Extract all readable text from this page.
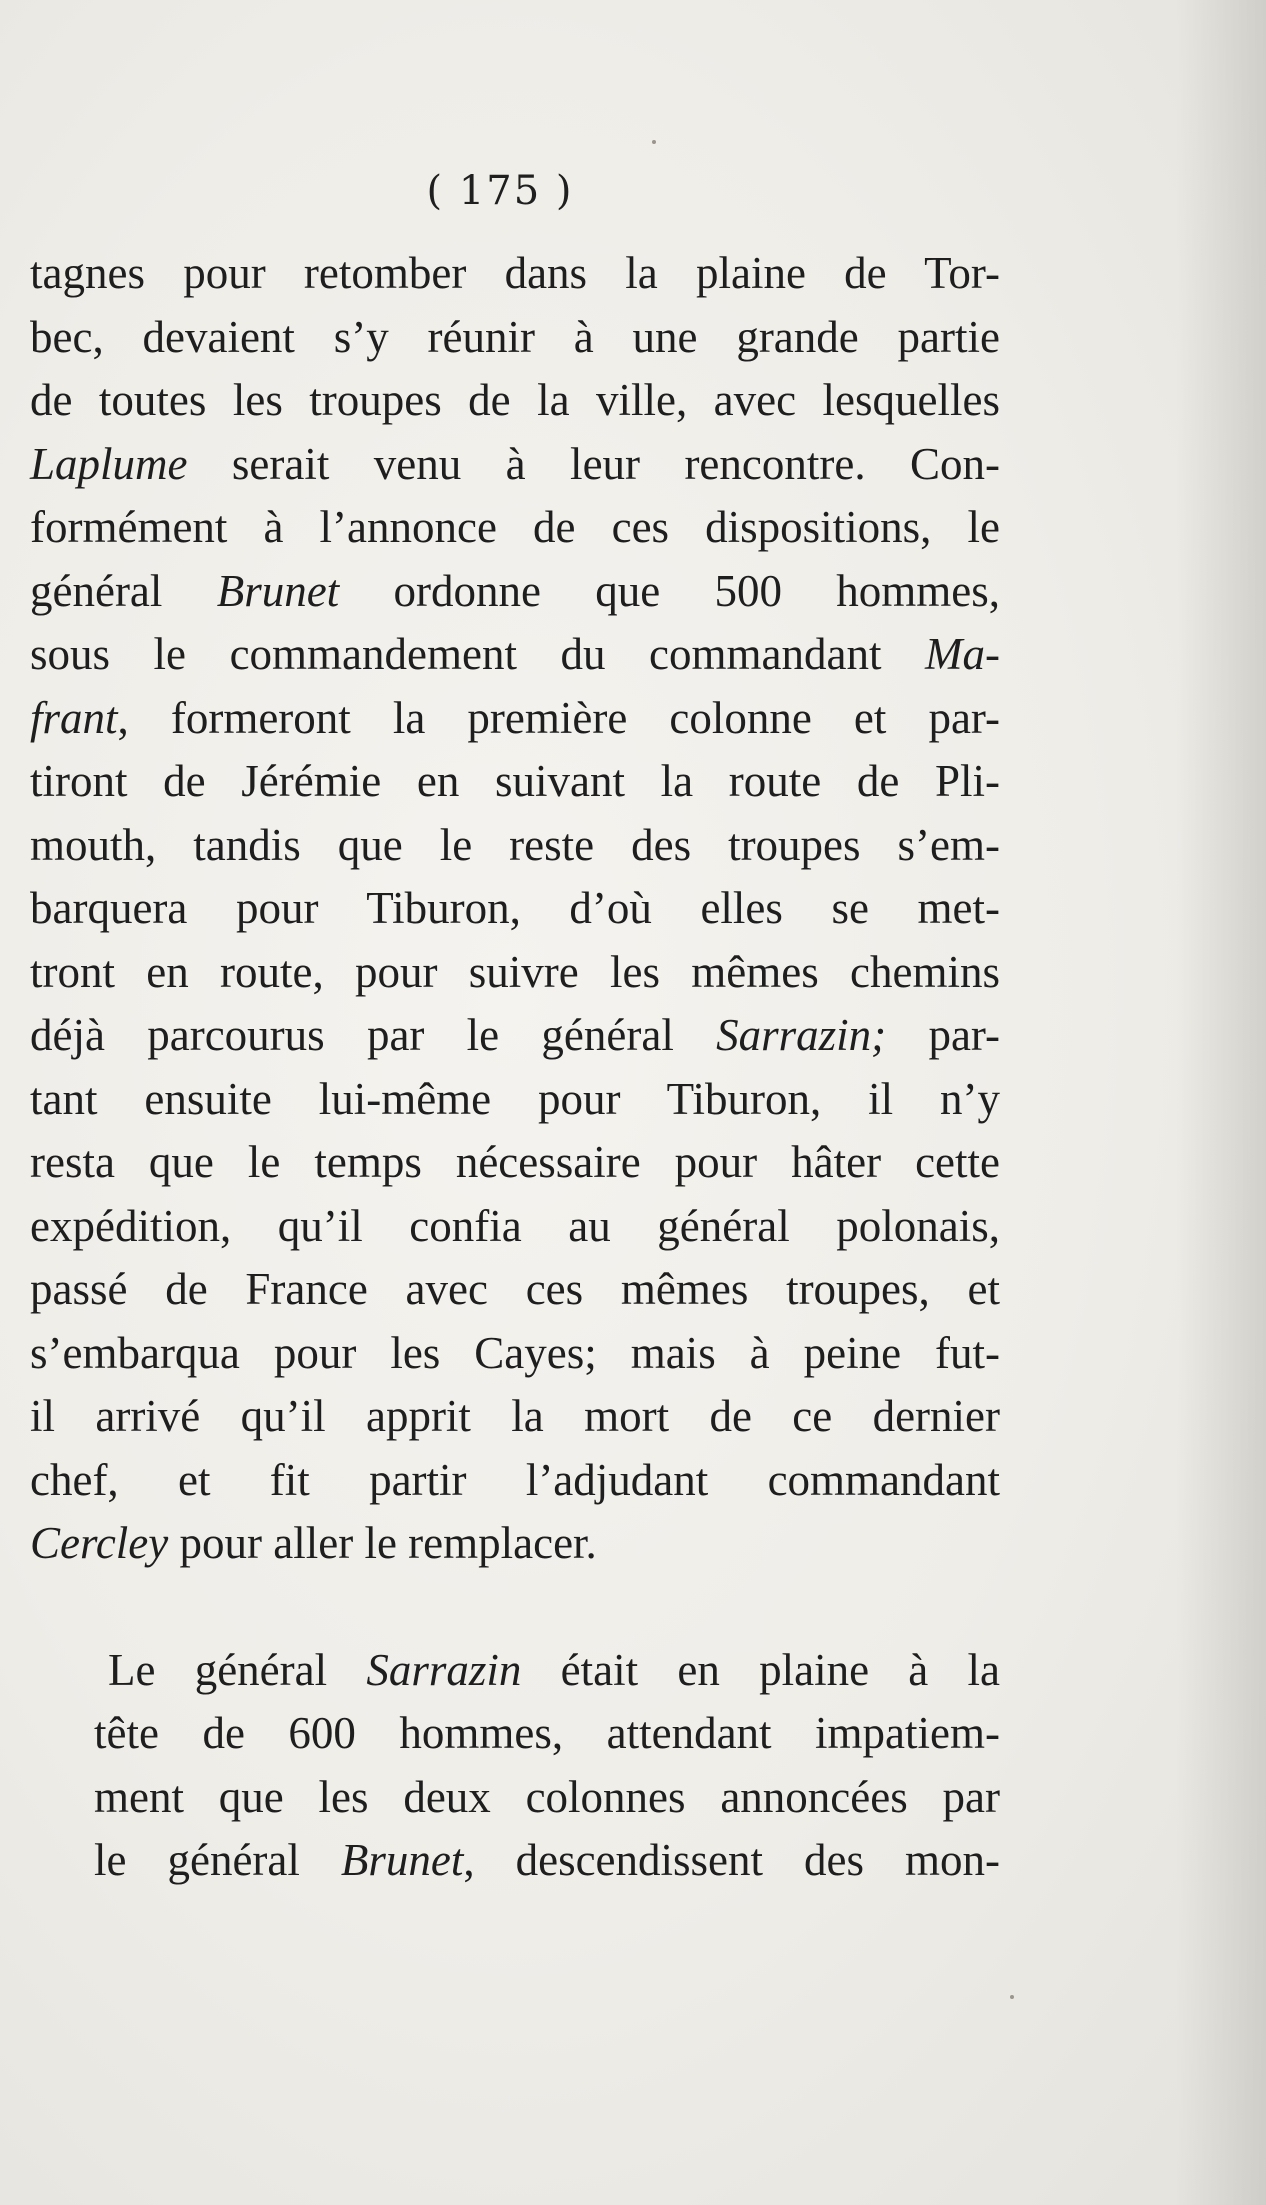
( 175 )
tagnes pour retomber dans la plaine de Tor-
bec, devaient s’y réunir à une grande partie
de toutes les troupes de la ville, avec lesquelles
Laplume serait venu à leur rencontre. Con-
formément à l’annonce de ces dispositions, le
général Brunet ordonne que 500 hommes,
sous le commandement du commandant Ma-
frant, formeront la première colonne et par-
tiront de Jérémie en suivant la route de Pli-
mouth, tandis que le reste des troupes s’em-
barquera pour Tiburon, d’où elles se met-
tront en route, pour suivre les mêmes chemins
déjà parcourus par le général Sarrazin; par-
tant ensuite lui-même pour Tiburon, il n’y
resta que le temps nécessaire pour hâter cette
expédition, qu’il confia au général polonais,
passé de France avec ces mêmes troupes, et
s’embarqua pour les Cayes; mais à peine fut-
il arrivé qu’il apprit la mort de ce dernier
chef, et fit partir l’adjudant commandant
Cercley pour aller le remplacer.
Le général Sarrazin était en plaine à la
tête de 600 hommes, attendant impatiem-
ment que les deux colonnes annoncées par
le général Brunet, descendissent des mon-
